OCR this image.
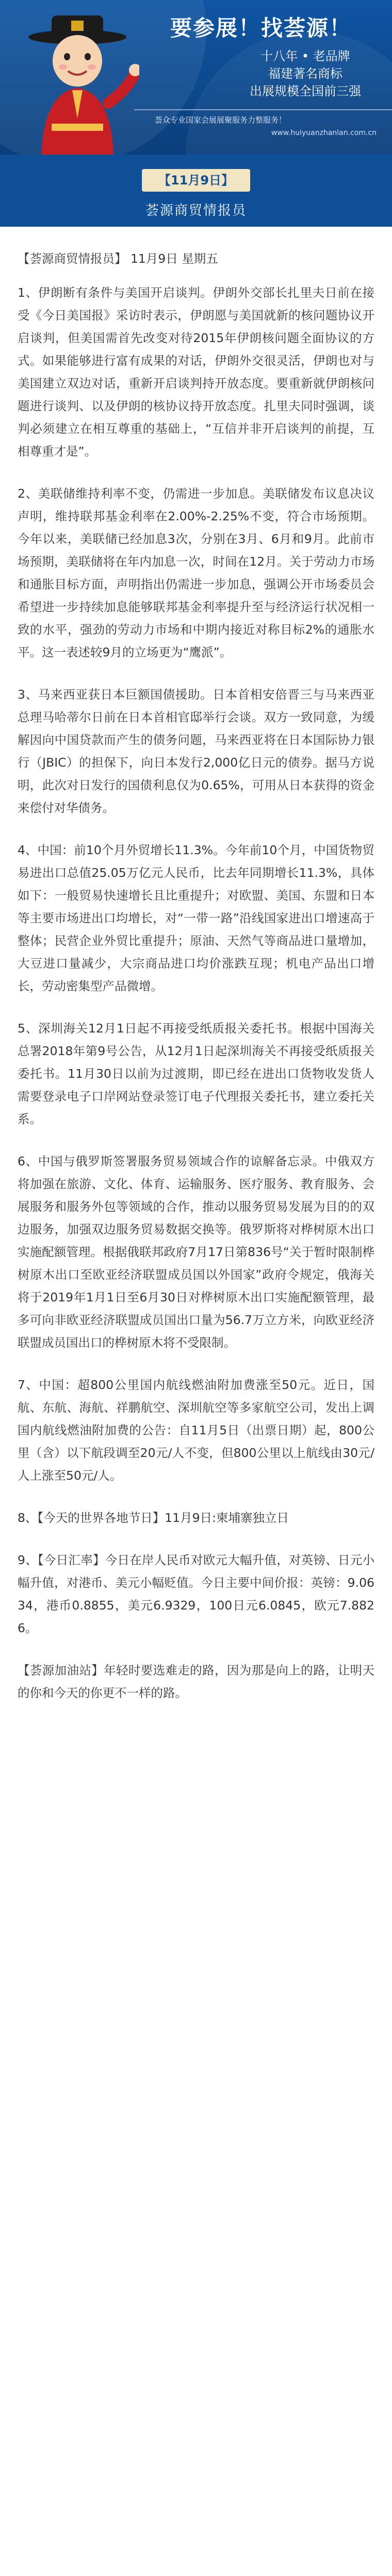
要参展！找荟源！
十八年 • 老品牌
福建著名商标
出展规模全国前三强
荟众专业国家会展展聚服务力整服务！
www.huiyuanzhanlan.com.cn
【11月9日】
荟源商贸情报员

【荟源商贸情报员】 11月9日 星期五

1、伊朗断有条件与美国开启谈判。伊朗外交部长扎里夫日前在接受《今日美国报》采访时表示，伊朗愿与美国就新的核问题协议开启谈判，但美国需首先改变对待2015年伊朗核问题全面协议的方式。如果能够进行富有成果的对话，伊朗外交很灵活，伊朗也对与美国建立双边对话，重新开启谈判持开放态度。要重新就伊朗核问题进行谈判、以及伊朗的核协议持开放态度。扎里夫同时强调，谈判必须建立在相互尊重的基础上，“互信并非开启谈判的前提，互相尊重才是”。

2、美联储维持利率不变，仍需进一步加息。美联储发布议息决议声明，维持联邦基金利率在2.00%-2.25%不变，符合市场预期。今年以来，美联储已经加息3次，分别在3月、6月和9月。此前市场预期，美联储将在年内加息一次，时间在12月。关于劳动力市场和通胀目标方面，声明指出仍需进一步加息，强调公开市场委员会希望进一步持续加息能够联邦基金利率提升至与经济运行状况相一致的水平，强劲的劳动力市场和中期内接近对称目标2%的通胀水平。这一表述较9月的立场更为“鹰派”。

3、马来西亚获日本巨额国债援助。日本首相安倍晋三与马来西亚总理马哈蒂尔日前在日本首相官邸举行会谈。双方一致同意，为缓解因向中国贷款而产生的债务问题，马来西亚将在日本国际协力银行（JBIC）的担保下，向日本发行2,000亿日元的债券。据马方说明，此次对日发行的国债利息仅为0.65%，可用从日本获得的资金来偿付对华债务。

4、中国：前10个月外贸增长11.3%。今年前10个月，中国货物贸易进出口总值25.05万亿元人民币，比去年同期增长11.3%，具体如下：一般贸易快速增长且比重提升；对欧盟、美国、东盟和日本等主要市场进出口均增长，对“一带一路”沿线国家进出口增速高于整体；民营企业外贸比重提升；原油、天然气等商品进口量增加，大豆进口量减少，大宗商品进口均价涨跌互现；机电产品出口增长，劳动密集型产品微增。

5、深圳海关12月1日起不再接受纸质报关委托书。根据中国海关总署2018年第9号公告，从12月1日起深圳海关不再接受纸质报关委托书。11月30日以前为过渡期，即已经在进出口货物收发货人需要登录电子口岸网站登录签订电子代理报关委托书，建立委托关系。

6、中国与俄罗斯签署服务贸易领域合作的谅解备忘录。中俄双方将加强在旅游、文化、体育、运输服务、医疗服务、教育服务、会展服务和服务外包等领域的合作，推动以服务贸易发展为目的的双边服务，加强双边服务贸易数据交换等。俄罗斯将对桦树原木出口实施配额管理。根据俄联邦政府7月17日第836号“关于暂时限制桦树原木出口至欧亚经济联盟成员国以外国家”政府令规定，俄海关将于2019年1月1日至6月30日对桦树原木出口实施配额管理，最多可向非欧亚经济联盟成员国出口量为56.7万立方米，向欧亚经济联盟成员国出口的桦树原木将不受限制。

7、中国：超800公里国内航线燃油附加费涨至50元。近日，国航、东航、海航、祥鹏航空、深圳航空等多家航空公司，发出上调国内航线燃油附加费的公告：自11月5日（出票日期）起，800公里（含）以下航段调至20元/人不变，但800公里以上航线由30元/人上涨至50元/人。

8、【今天的世界各地节日】11月9日:柬埔寨独立日

9、【今日汇率】今日在岸人民币对欧元大幅升值，对英镑、日元小幅升值，对港币、美元小幅贬值。今日主要中间价报：英镑：9.0634，港币0.8855，美元6.9329，100日元6.0845，欧元7.8826。

【荟源加油站】年轻时要选难走的路，因为那是向上的路，让明天的你和今天的你更不一样的路。
